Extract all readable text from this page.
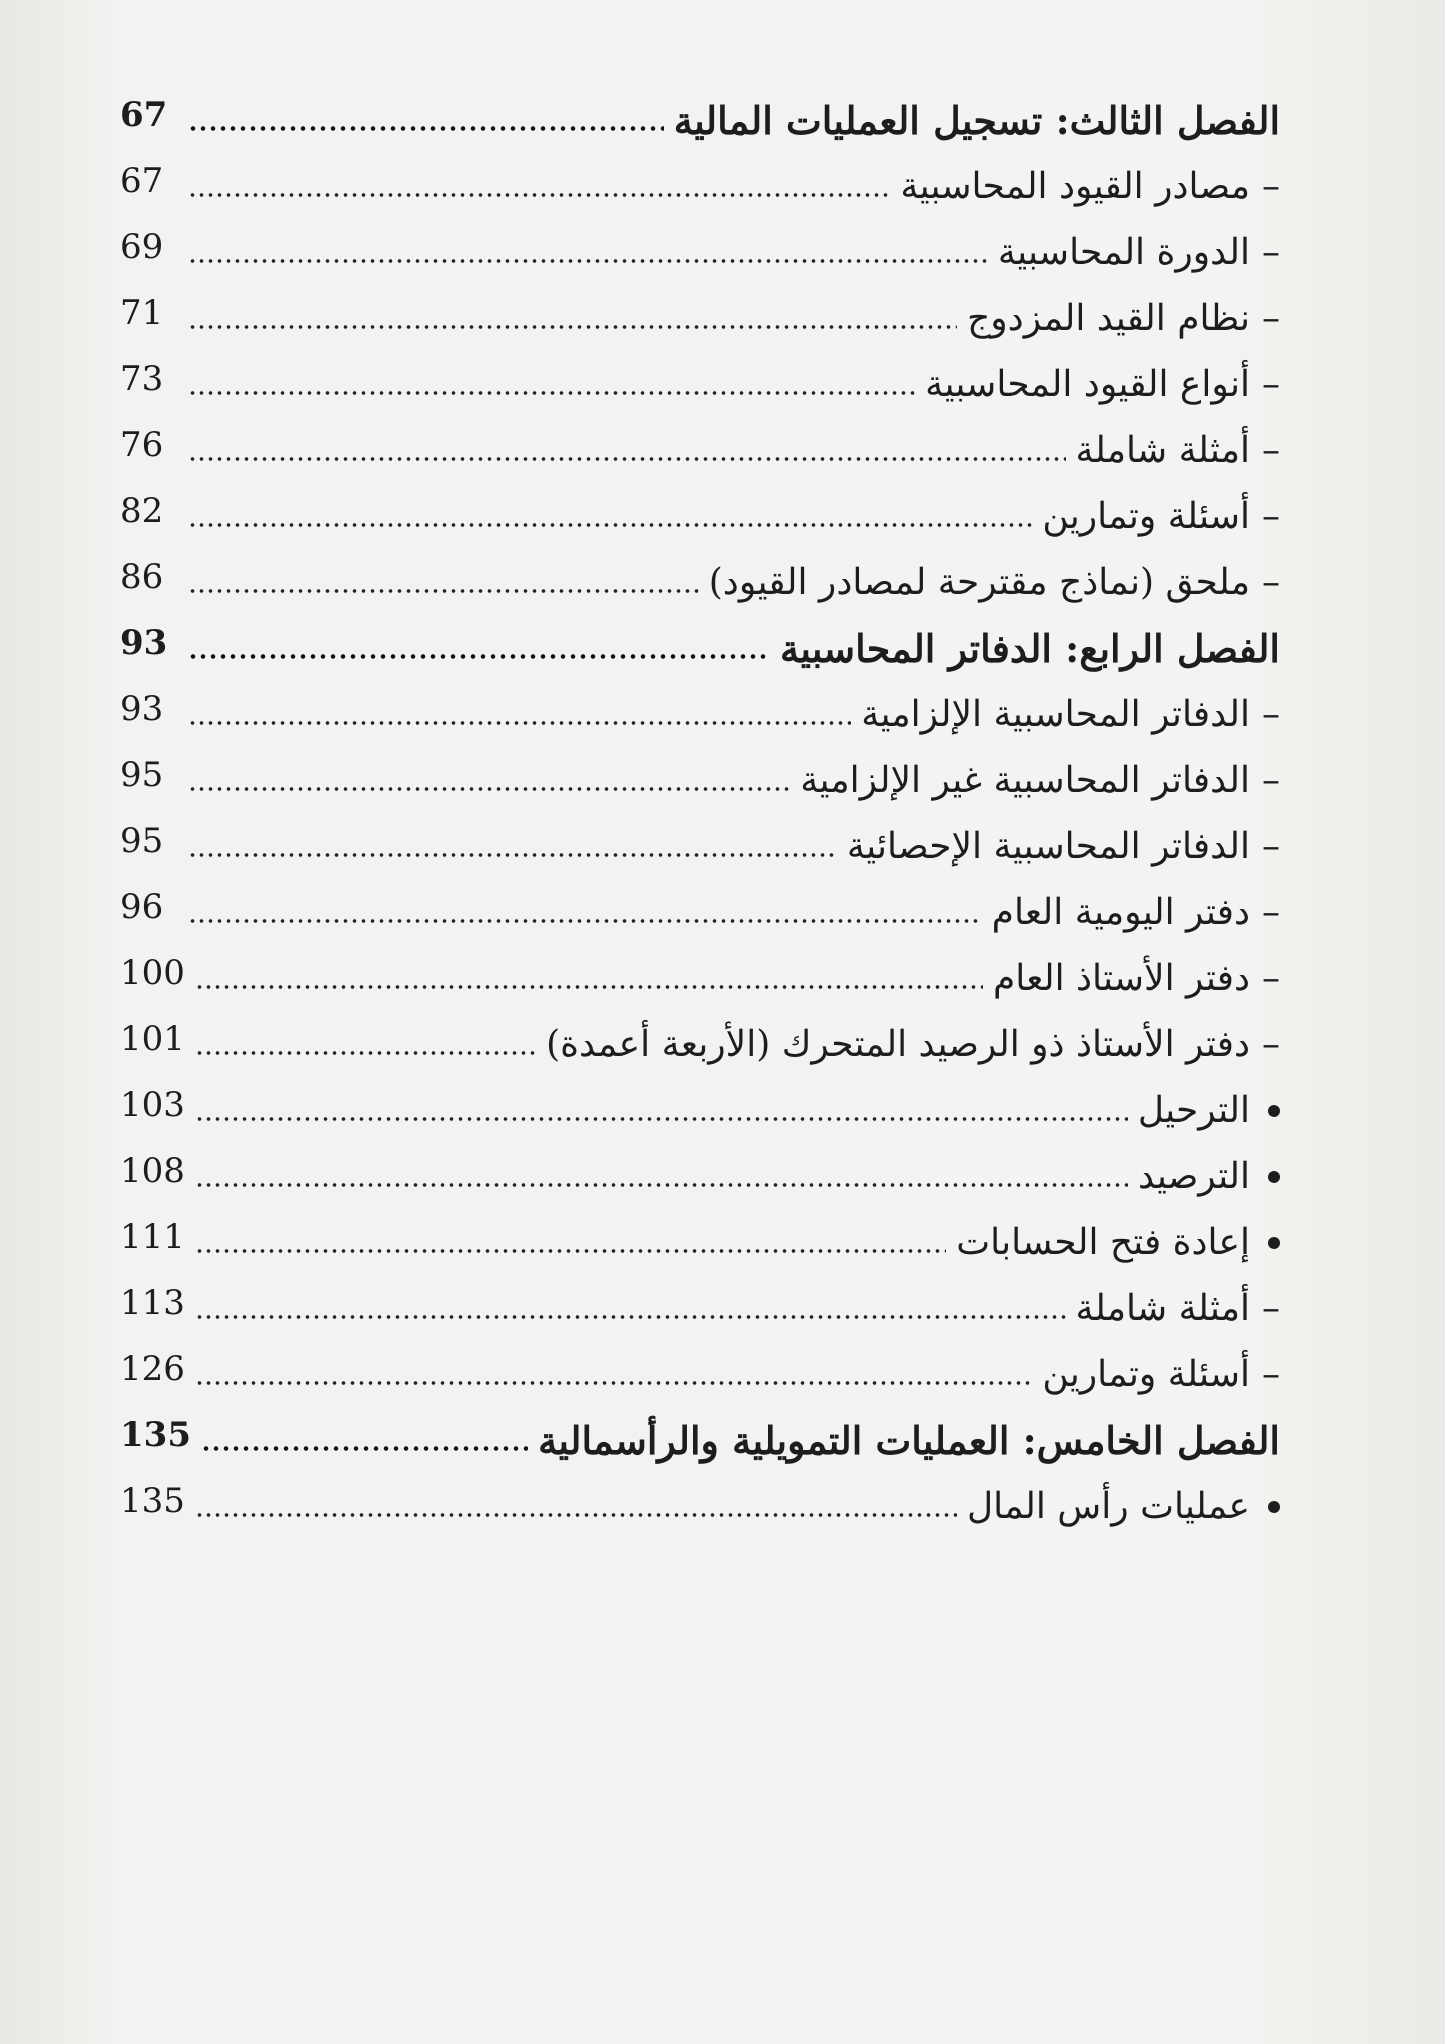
الفصل الثالث: تسجيل العمليات المالية
67
–
مصادر القيود المحاسبية
67
–
الدورة المحاسبية
69
–
نظام القيد المزدوج
71
–
أنواع القيود المحاسبية
73
–
أمثلة شاملة
76
–
أسئلة وتمارين
82
–
ملحق (نماذج مقترحة لمصادر القيود)
86
الفصل الرابع: الدفاتر المحاسبية
93
–
الدفاتر المحاسبية الإلزامية
93
–
الدفاتر المحاسبية غير الإلزامية
95
–
الدفاتر المحاسبية الإحصائية
95
–
دفتر اليومية العام
96
–
دفتر الأستاذ العام
100
–
دفتر الأستاذ ذو الرصيد المتحرك (الأربعة أعمدة)
101
الترحيل
103
الترصيد
108
إعادة فتح الحسابات
111
–
أمثلة شاملة
113
–
أسئلة وتمارين
126
الفصل الخامس: العمليات التمويلية والرأسمالية
135
عمليات رأس المال
135
